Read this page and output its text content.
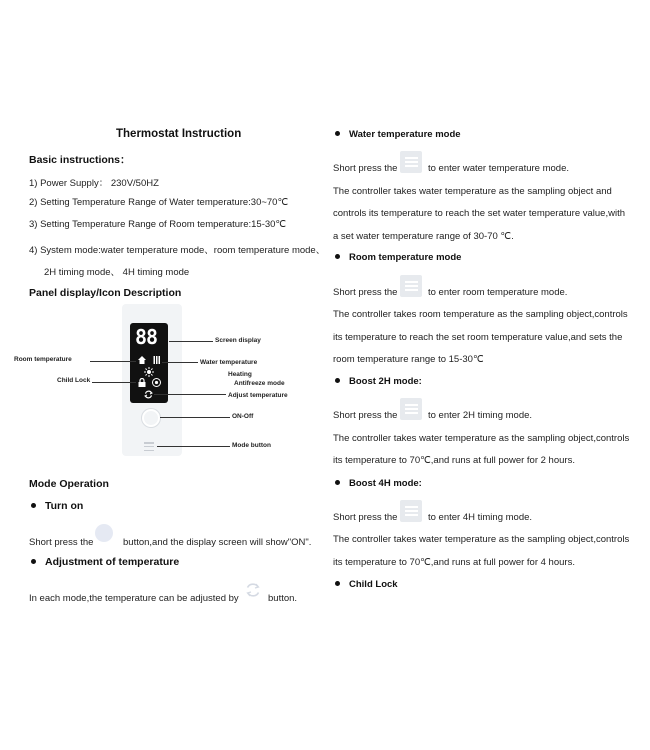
Thermostat Instruction
Basic instructions：
1) Power Supply： 230V/50HZ
2) Setting Temperature Range of Water temperature:30~70℃
3) Setting Temperature Range of Room temperature:15-30℃
4) System mode:water temperature mode、room temperature mode、
2H timing mode、 4H timing mode
Panel display/Icon Description
88	Screen display
Room temperature	Water temperature
Heating
Child Lock	Antifreeze mode
Adjust temperature
ON-Off
Mode button
Mode Operation
Turn on
Short press the	button,and the display screen will show"ON".
Adjustment of temperature
In each mode,the temperature can be adjusted by	button.
Water temperature mode
Short press the	to enter water temperature mode.
The controller takes water temperature as the sampling object and
controls its temperature to reach the set water temperature value,with
a set water temperature range of 30-70 ℃.
Room temperature mode
Short press the	to enter room temperature mode.
The controller takes room temperature as the sampling object,controls
its temperature to reach the set room temperature value,and sets the
room temperature range to 15-30℃
Boost 2H mode:
Short press the	to enter 2H timing mode.
The controller takes water temperature as the sampling object,controls
its temperature to 70℃,and runs at full power for 2 hours.
Boost 4H mode:
Short press the	to enter 4H timing mode.
The controller takes water temperature as the sampling object,controls
its temperature to 70℃,and runs at full power for 4 hours.
Child Lock
